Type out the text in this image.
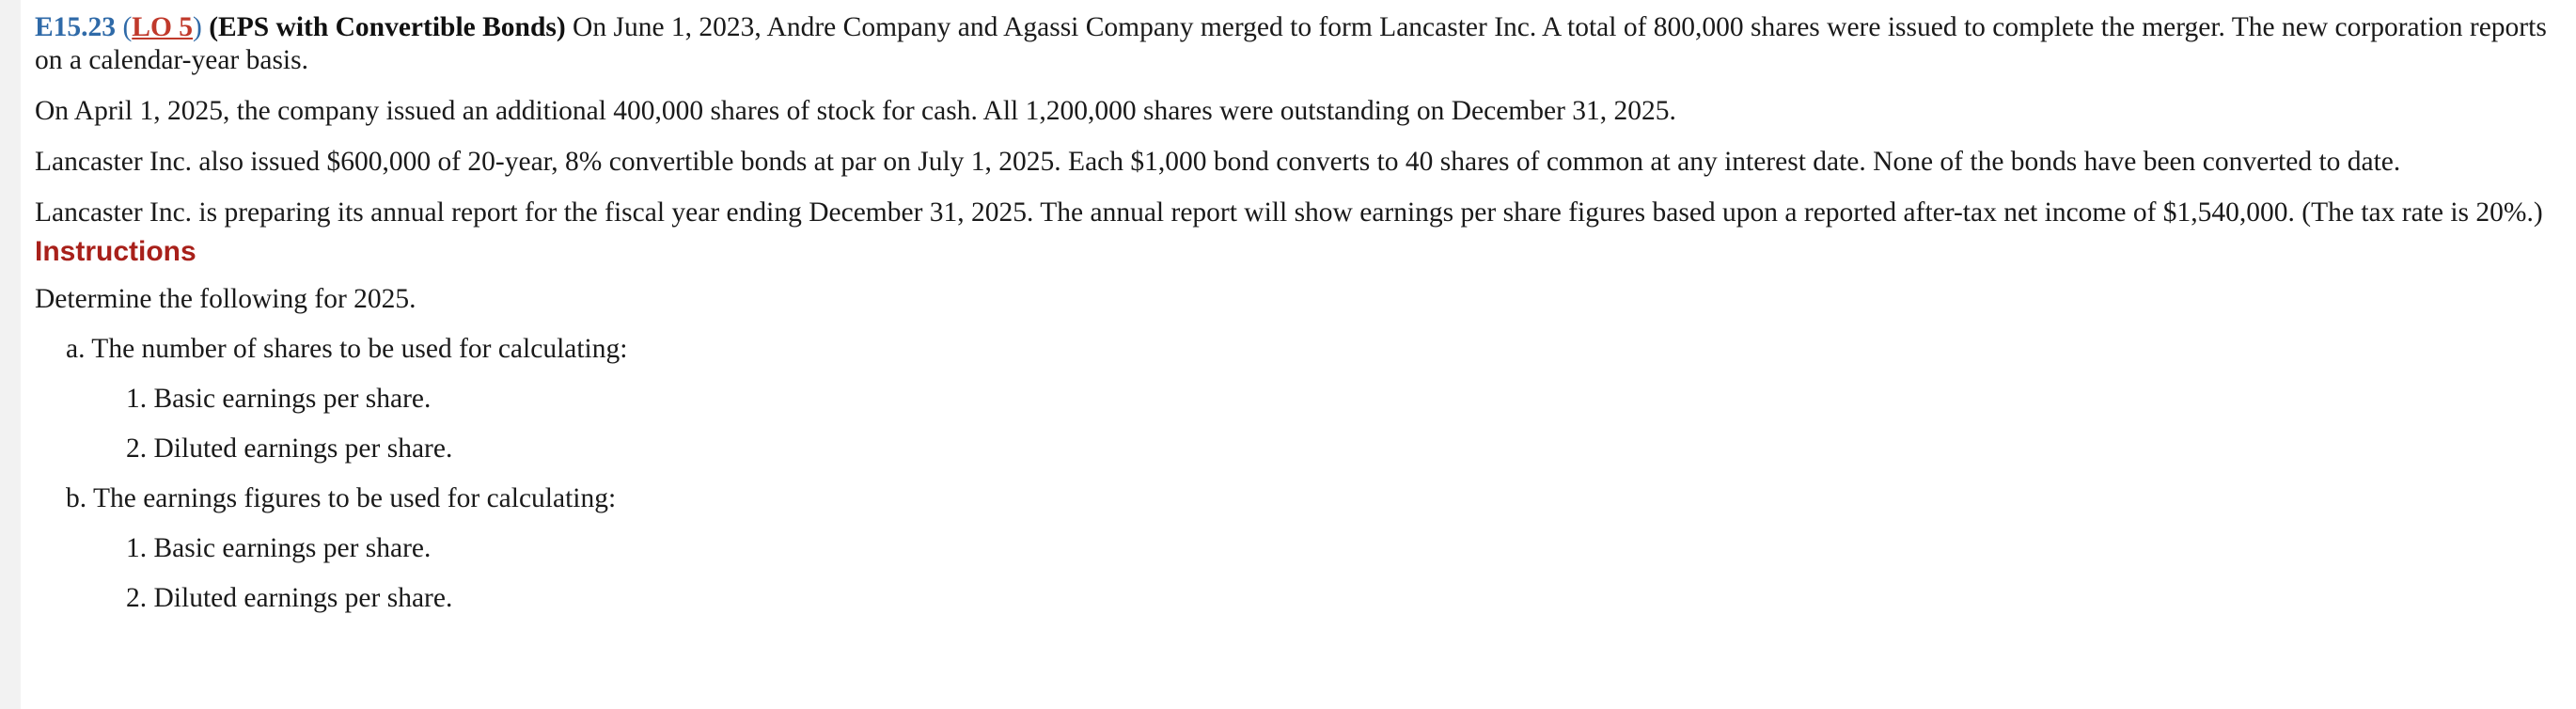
E15.23 (LO 5) (EPS with Convertible Bonds) On June 1, 2023, Andre Company and Agassi Company merged to form Lancaster Inc. A total of 800,000 shares were issued to complete the merger. The new corporation reports on a calendar-year basis.

On April 1, 2025, the company issued an additional 400,000 shares of stock for cash. All 1,200,000 shares were outstanding on December 31, 2025.

Lancaster Inc. also issued $600,000 of 20-year, 8% convertible bonds at par on July 1, 2025. Each $1,000 bond converts to 40 shares of common at any interest date. None of the bonds have been converted to date.

Lancaster Inc. is preparing its annual report for the fiscal year ending December 31, 2025. The annual report will show earnings per share figures based upon a reported after-tax net income of $1,540,000. (The tax rate is 20%.)

Instructions

Determine the following for 2025.

a. The number of shares to be used for calculating:

1. Basic earnings per share.

2. Diluted earnings per share.

b. The earnings figures to be used for calculating:

1. Basic earnings per share.

2. Diluted earnings per share.
